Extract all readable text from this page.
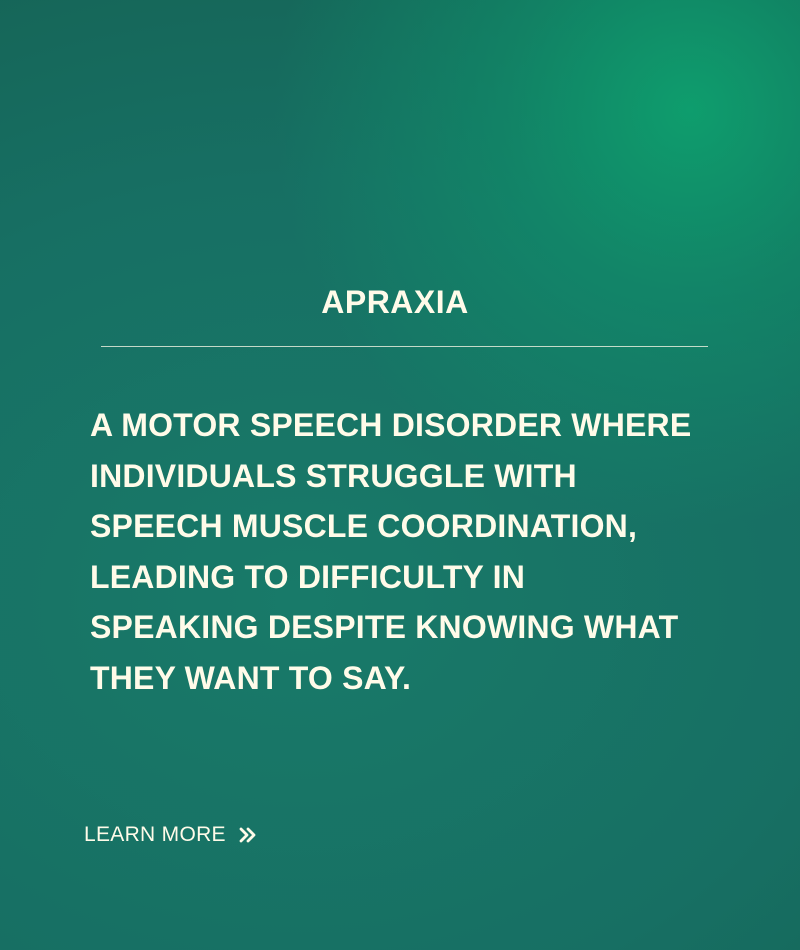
APRAXIA

A MOTOR SPEECH DISORDER WHERE INDIVIDUALS STRUGGLE WITH SPEECH MUSCLE COORDINATION, LEADING TO DIFFICULTY IN SPEAKING DESPITE KNOWING WHAT THEY WANT TO SAY.

LEARN MORE
